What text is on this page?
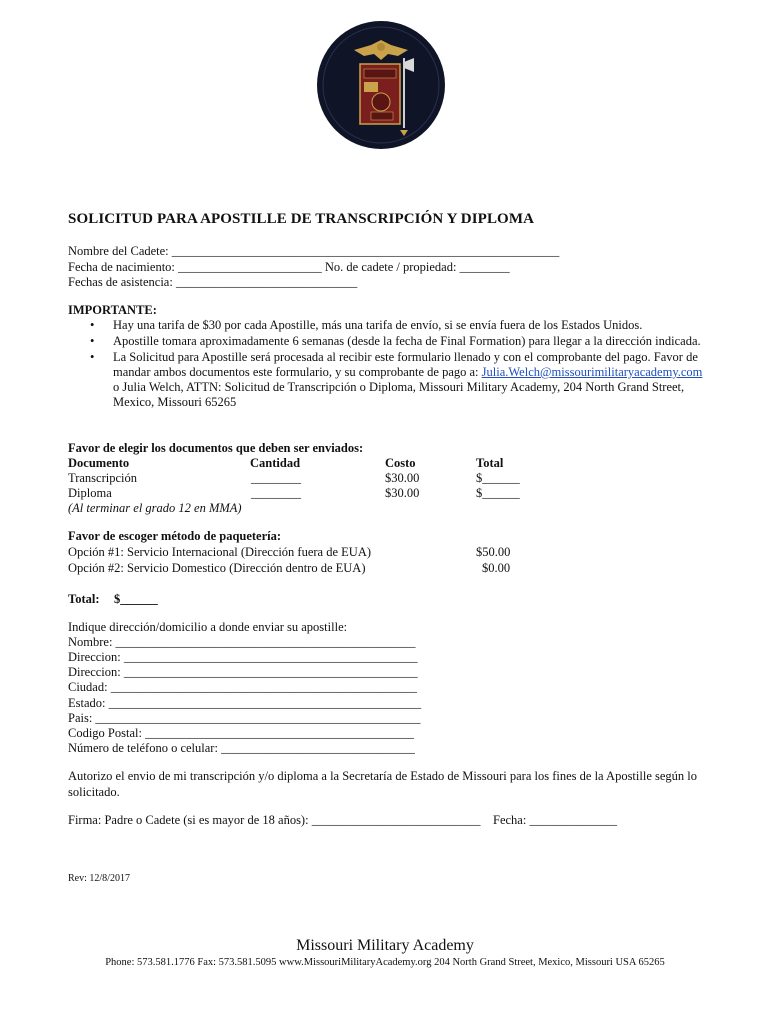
SOLICITUD PARA APOSTILLE DE TRANSCRIPCIÓN Y DIPLOMA
Nombre del Cadete: ______________________________________________________________
Fecha de nacimiento: _______________________ No. de cadete / propiedad: ________
Fechas de asistencia: _____________________________
IMPORTANTE:
• Hay una tarifa de $30 por cada Apostille, más una tarifa de envío, si se envía fuera de los Estados Unidos.
• Apostille tomara aproximadamente 6 semanas (desde la fecha de Final Formation) para llegar a la dirección indicada.
• La Solicitud para Apostille será procesada al recibir este formulario llenado y con el comprobante del pago. Favor de mandar ambos documentos este formulario, y su comprobante de pago a: Julia.Welch@missourimilitaryacademy.com o Julia Welch, ATTN: Solicitud de Transcripción o Diploma, Missouri Military Academy, 204 North Grand Street, Mexico, Missouri 65265
Favor de elegir los documentos que deben ser enviados:
Documento	Cantidad	Costo	Total
Transcripción	________	$30.00	$______
Diploma	________	$30.00	$______
(Al terminar el grado 12 en MMA)
Favor de escoger método de paquetería:
Opción #1: Servicio Internacional (Dirección fuera de EUA)	$50.00
Opción #2: Servicio Domestico (Dirección dentro de EUA)	$0.00
Total: $______
Indique dirección/domicilio a donde enviar su apostille:
Nombre: ________________________________________________
Direccion: _______________________________________________
Direccion: _______________________________________________
Ciudad: _________________________________________________
Estado: __________________________________________________
Pais: ____________________________________________________
Codigo Postal: ___________________________________________
Número de teléfono o celular: _______________________________
Autorizo el envio de mi transcripción y/o diploma a la Secretaría de Estado de Missouri para los fines de la Apostille según lo solicitado.
Firma: Padre o Cadete (si es mayor de 18 años): ___________________________ Fecha: ______________
Rev: 12/8/2017
Missouri Military Academy
Phone: 573.581.1776 Fax: 573.581.5095 www.MissouriMilitaryAcademy.org 204 North Grand Street, Mexico, Missouri USA 65265
